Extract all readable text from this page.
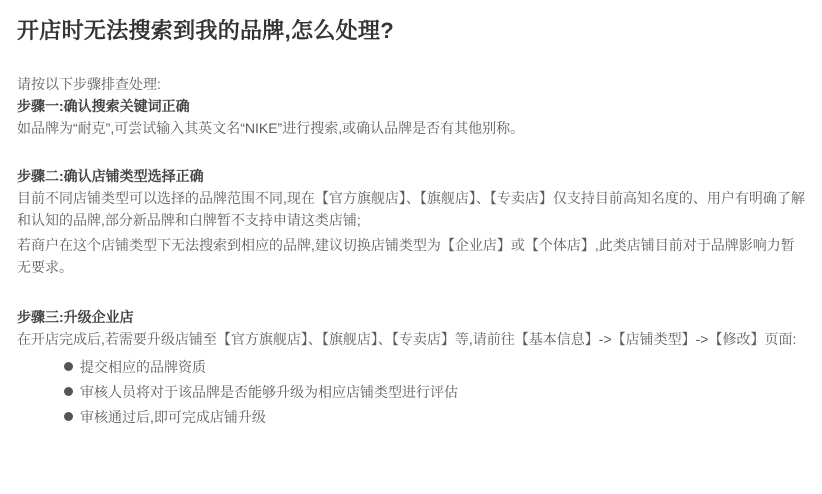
开店时无法搜索到我的品牌,怎么处理?

请按以下步骤排查处理:

步骤一:确认搜索关键词正确

如品牌为“耐克”,可尝试输入其英文名“NIKE”进行搜索,或确认品牌是否有其他别称。

步骤二:确认店铺类型选择正确

目前不同店铺类型可以选择的品牌范围不同,现在【官方旗舰店】、【旗舰店】、【专卖店】仅支持目前高知名度的、用户有明确了解和认知的品牌,部分新品牌和白牌暂不支持申请这类店铺;

若商户在这个店铺类型下无法搜索到相应的品牌,建议切换店铺类型为【企业店】或【个体店】,此类店铺目前对于品牌影响力暂无要求。

步骤三:升级企业店

在开店完成后,若需要升级店铺至【官方旗舰店】、【旗舰店】、【专卖店】等,请前往【基本信息】->【店铺类型】->【修改】页面:

提交相应的品牌资质
审核人员将对于该品牌是否能够升级为相应店铺类型进行评估
审核通过后,即可完成店铺升级
